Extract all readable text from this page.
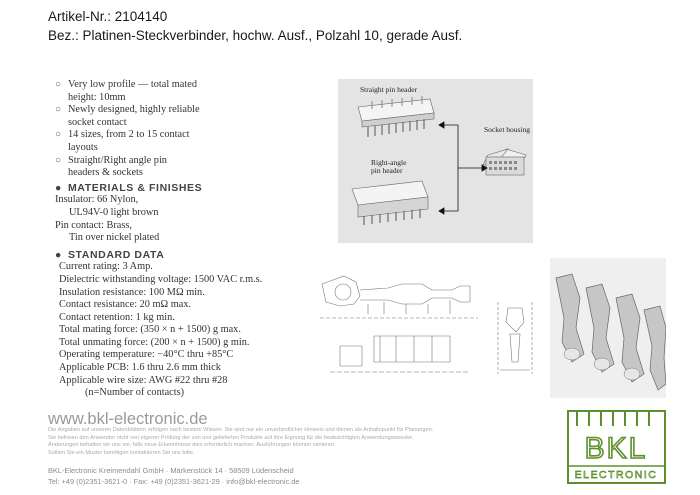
Artikel-Nr.: 2104140
Bez.: Platinen-Steckverbinder, hochw. Ausf., Polzahl 10, gerade Ausf.
○ Very low profile — total mated
height: 10mm
○ Newly designed, highly reliable
socket contact
○ 14 sizes, from 2 to 15 contact
layouts
○ Straight/Right angle pin
headers & sockets
● MATERIALS & FINISHES
Insulator: 66 Nylon,
UL94V-0 light brown
Pin contact: Brass,
Tin over nickel plated
● STANDARD DATA
Current rating: 3 Amp.
Dielectric withstanding voltage: 1500 VAC r.m.s.
Insulation resistance: 100 MΩ min.
Contact resistance: 20 mΩ max.
Contact retention: 1 kg min.
Total mating force: (350 × n + 1500) g max.
Total unmating force: (200 × n + 1500) g min.
Operating temperature: −40°C thru +85°C
Applicable PCB: 1.6 thru 2.6 mm thick
Applicable wire size: AWG #22 thru #28
(n=Number of contacts)
Straight pin header
Right-angle
pin header
Socket housing
www.bkl-electronic.de
Die Angaben auf unseren Datenblättern erfolgen nach bestem Wissen. Sie sind nur ein unverbindlicher Hinweis und dienen als Anhaltspunkt für Planungen.
Sie befreien den Anwender nicht von eigener Prüfung der von uns gelieferten Produkte auf ihre Eignung für die beabsichtigten Anwendungszwecke.
Änderungen behalten wir uns vor, falls neue Erkenntnisse dies erforderlich machen. Ausführungen können variieren.
Sollten Sie ein Muster benötigen kontaktieren Sie uns bitte.
BKL-Electronic Kreimendahl GmbH · Märkenstück 14 · 58509 Lüdenscheid
Tel: +49 (0)2351-3621-0 · Fax: +49 (0)2351-3621-29 · info@bkl-electronic.de
BKL
ELECTRONIC
